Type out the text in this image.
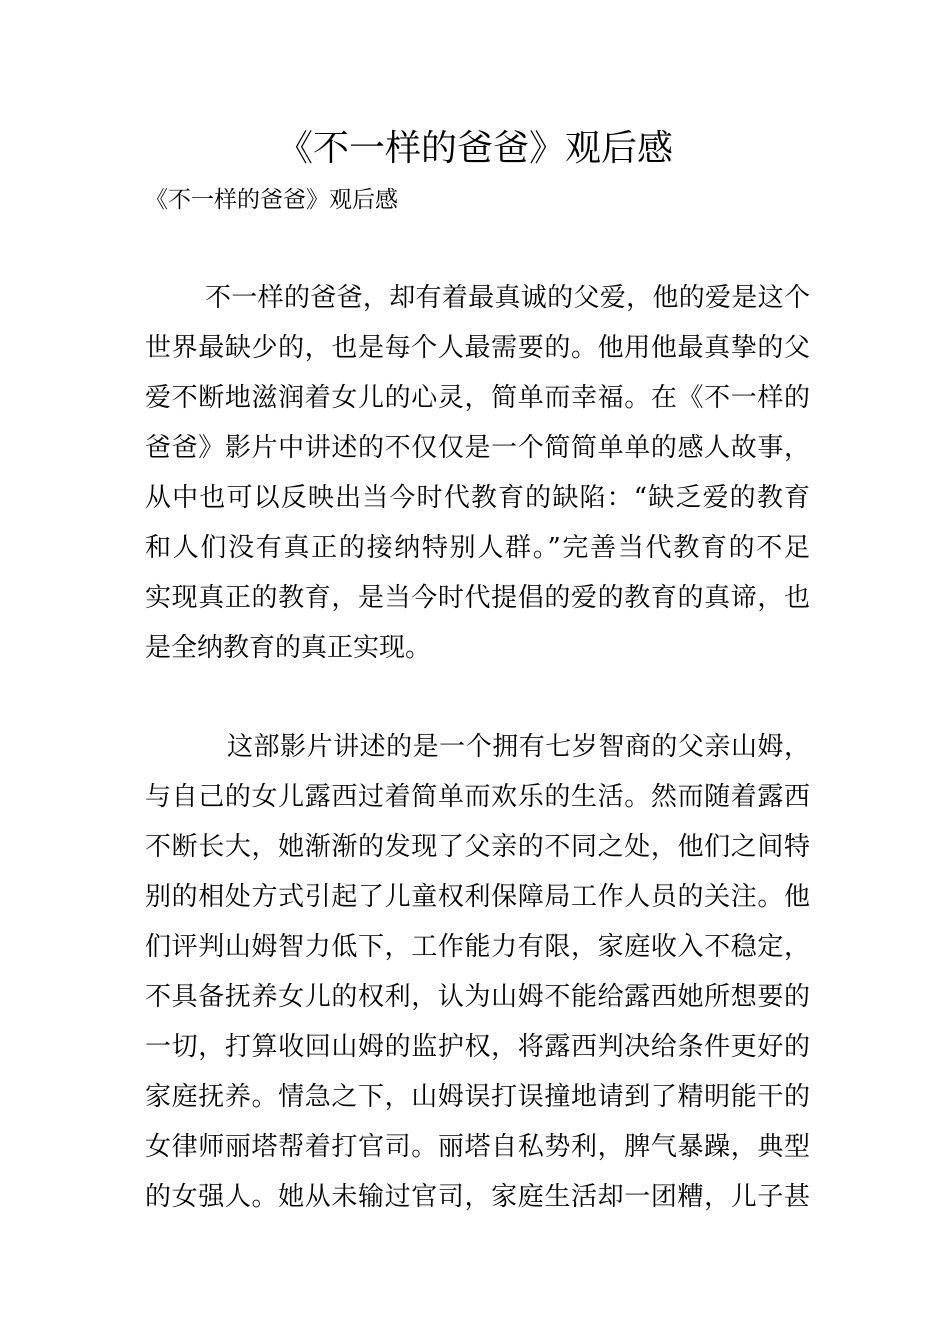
《不一样的爸爸》观后感
《不一样的爸爸》观后感
不一样的爸爸，却有着最真诚的父爱，他的爱是这个
世界最缺少的，也是每个人最需要的。他用他最真挚的父
爱不断地滋润着女儿的心灵，简单而幸福。在《不一样的
爸爸》影片中讲述的不仅仅是一个简简单单的感人故事，
从中也可以反映出当今时代教育的缺陷：“缺乏爱的教育
和人们没有真正的接纳特别人群。”完善当代教育的不足
实现真正的教育，是当今时代提倡的爱的教育的真谛，也
是全纳教育的真正实现。
这部影片讲述的是一个拥有七岁智商的父亲山姆，
与自己的女儿露西过着简单而欢乐的生活。然而随着露西
不断长大，她渐渐的发现了父亲的不同之处，他们之间特
别的相处方式引起了儿童权利保障局工作人员的关注。他
们评判山姆智力低下，工作能力有限，家庭收入不稳定，
不具备抚养女儿的权利，认为山姆不能给露西她所想要的
一切，打算收回山姆的监护权，将露西判决给条件更好的
家庭抚养。情急之下，山姆误打误撞地请到了精明能干的
女律师丽塔帮着打官司。丽塔自私势利，脾气暴躁，典型
的女强人。她从未输过官司，家庭生活却一团糟，儿子甚
